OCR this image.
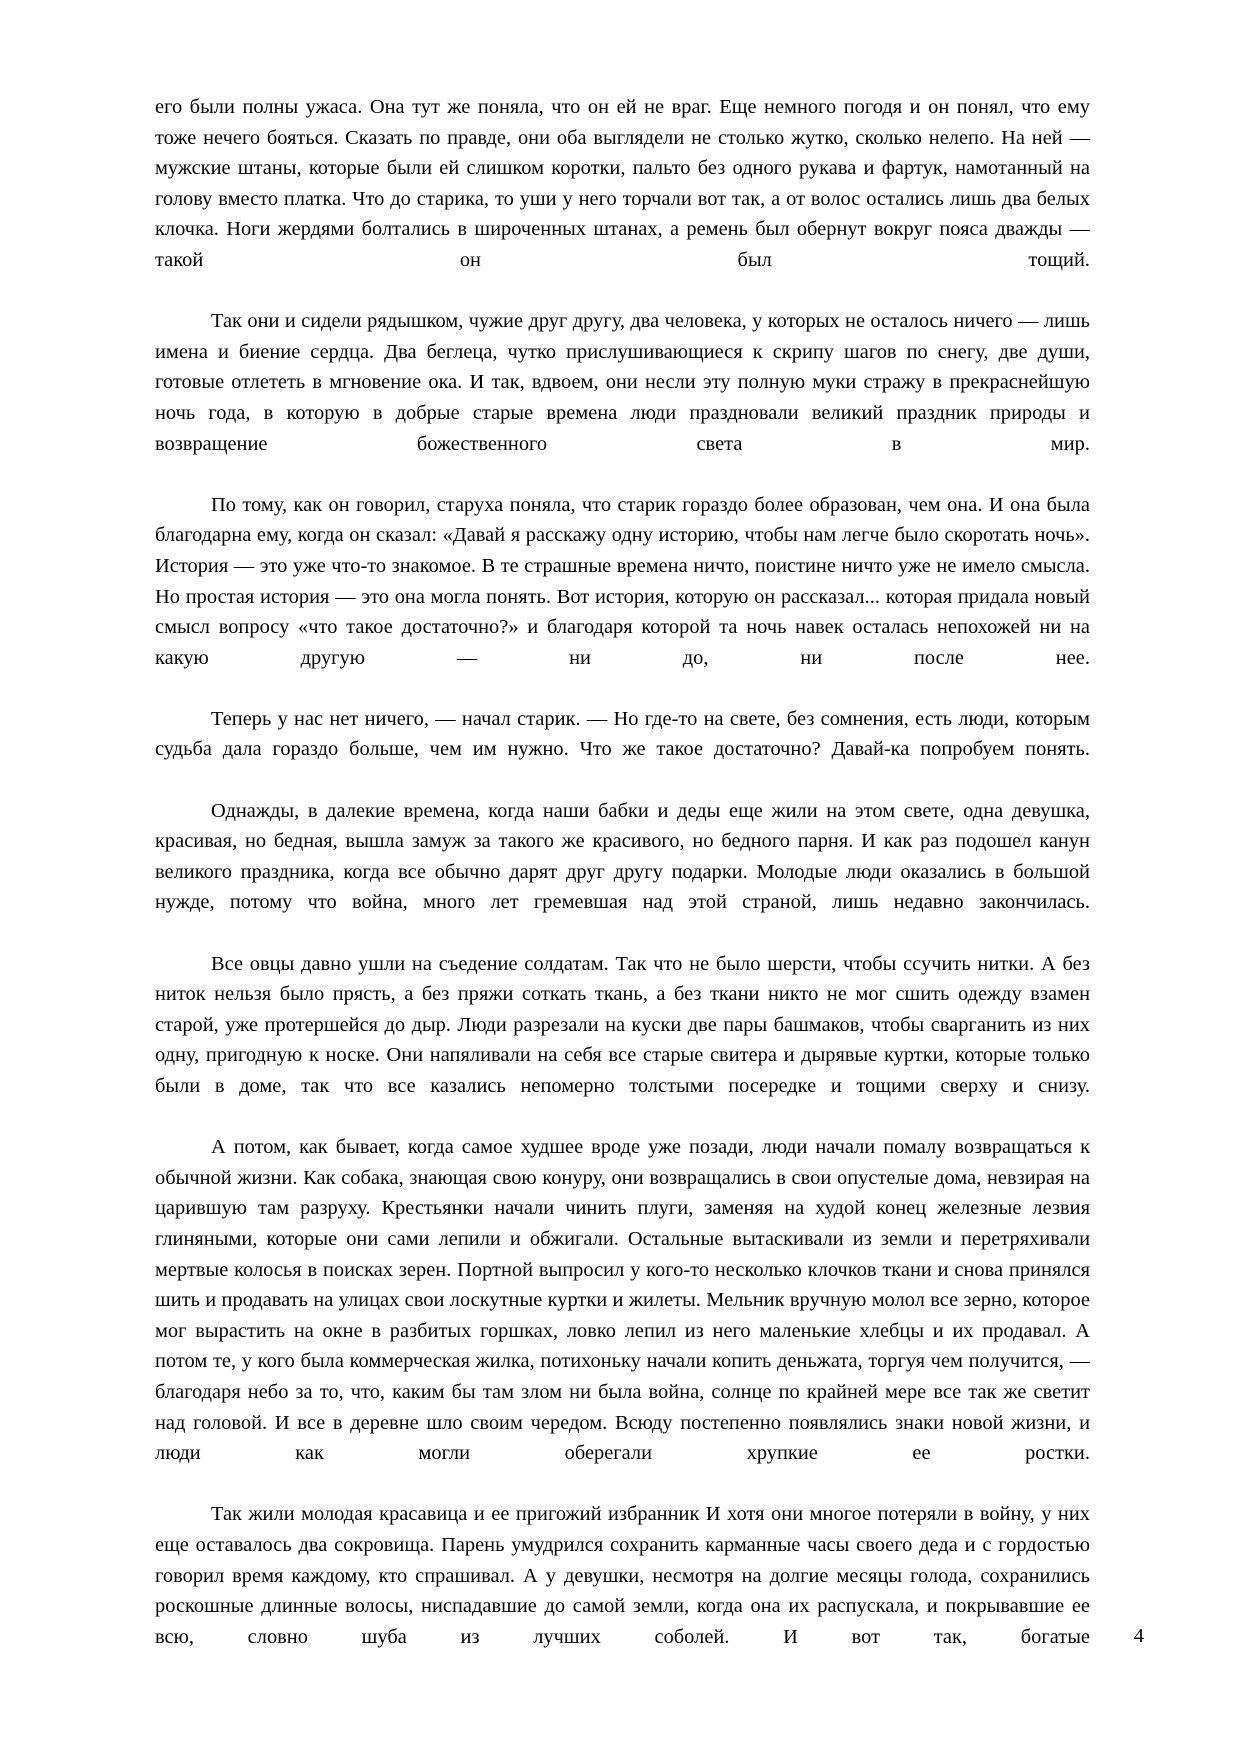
его были полны ужаса. Она тут же поняла, что он ей не враг. Еще немного погодя и он понял, что ему тоже нечего бояться. Сказать по правде, они оба выглядели не столько жутко, сколько нелепо. На ней — мужские штаны, которые были ей слишком коротки, пальто без одного рукава и фартук, намотанный на голову вместо платка. Что до старика, то уши у него торчали вот так, а от волос остались лишь два белых клочка. Ноги жердями болтались в широченных штанах, а ремень был обернут вокруг пояса дважды — такой он был тощий.

Так они и сидели рядышком, чужие друг другу, два человека, у которых не осталось ничего — лишь имена и биение сердца. Два беглеца, чутко прислушивающиеся к скрипу шагов по снегу, две души, готовые отлететь в мгновение ока. И так, вдвоем, они несли эту полную муки стражу в прекраснейшую ночь года, в которую в добрые старые времена люди праздновали великий праздник природы и возвращение божественного света в мир.

По тому, как он говорил, старуха поняла, что старик гораздо более образован, чем она. И она была благодарна ему, когда он сказал: «Давай я расскажу одну историю, чтобы нам легче было скоротать ночь». История — это уже что-то знакомое. В те страшные времена ничто, поистине ничто уже не имело смысла. Но простая история — это она могла понять. Вот история, которую он рассказал... которая придала новый смысл вопросу «что такое достаточно?» и благодаря которой та ночь навек осталась непохожей ни на какую другую — ни до, ни после нее.

Теперь у нас нет ничего, — начал старик. — Но где-то на свете, без сомнения, есть люди, которым судьба дала гораздо больше, чем им нужно. Что же такое достаточно? Давай-ка попробуем понять.

Однажды, в далекие времена, когда наши бабки и деды еще жили на этом свете, одна девушка, красивая, но бедная, вышла замуж за такого же красивого, но бедного парня. И как раз подошел канун великого праздника, когда все обычно дарят друг другу подарки. Молодые люди оказались в большой нужде, потому что война, много лет гремевшая над этой страной, лишь недавно закончилась.

Все овцы давно ушли на съедение солдатам. Так что не было шерсти, чтобы ссучить нитки. А без ниток нельзя было прясть, а без пряжи соткать ткань, а без ткани никто не мог сшить одежду взамен старой, уже протершейся до дыр. Люди разрезали на куски две пары башмаков, чтобы сварганить из них одну, пригодную к носке. Они напяливали на себя все старые свитера и дырявые куртки, которые только были в доме, так что все казались непомерно толстыми посередке и тощими сверху и снизу.

А потом, как бывает, когда самое худшее вроде уже позади, люди начали помалу возвращаться к обычной жизни. Как собака, знающая свою конуру, они возвращались в свои опустелые дома, невзирая на царившую там разруху. Крестьянки начали чинить плуги, заменяя на худой конец железные лезвия глиняными, которые они сами лепили и обжигали. Остальные вытаскивали из земли и перетряхивали мертвые колосья в поисках зерен. Портной выпросил у кого-то несколько клочков ткани и снова принялся шить и продавать на улицах свои лоскутные куртки и жилеты. Мельник вручную молол все зерно, которое мог вырастить на окне в разбитых горшках, ловко лепил из него маленькие хлебцы и их продавал. А потом те, у кого была коммерческая жилка, потихоньку начали копить деньжата, торгуя чем получится, — благодаря небо за то, что, каким бы там злом ни была война, солнце по крайней мере все так же светит над головой. И все в деревне шло своим чередом. Всюду постепенно появлялись знаки новой жизни, и люди как могли оберегали хрупкие ее ростки.

Так жили молодая красавица и ее пригожий избранник И хотя они многое потеряли в войну, у них еще оставалось два сокровища. Парень умудрился сохранить карманные часы своего деда и с гордостью говорил время каждому, кто спрашивал. А у девушки, несмотря на долгие месяцы голода, сохранились роскошные длинные волосы, ниспадавшие до самой земли, когда она их распускала, и покрывавшие ее всю, словно шуба из лучших соболей. И вот так, богатые 4
